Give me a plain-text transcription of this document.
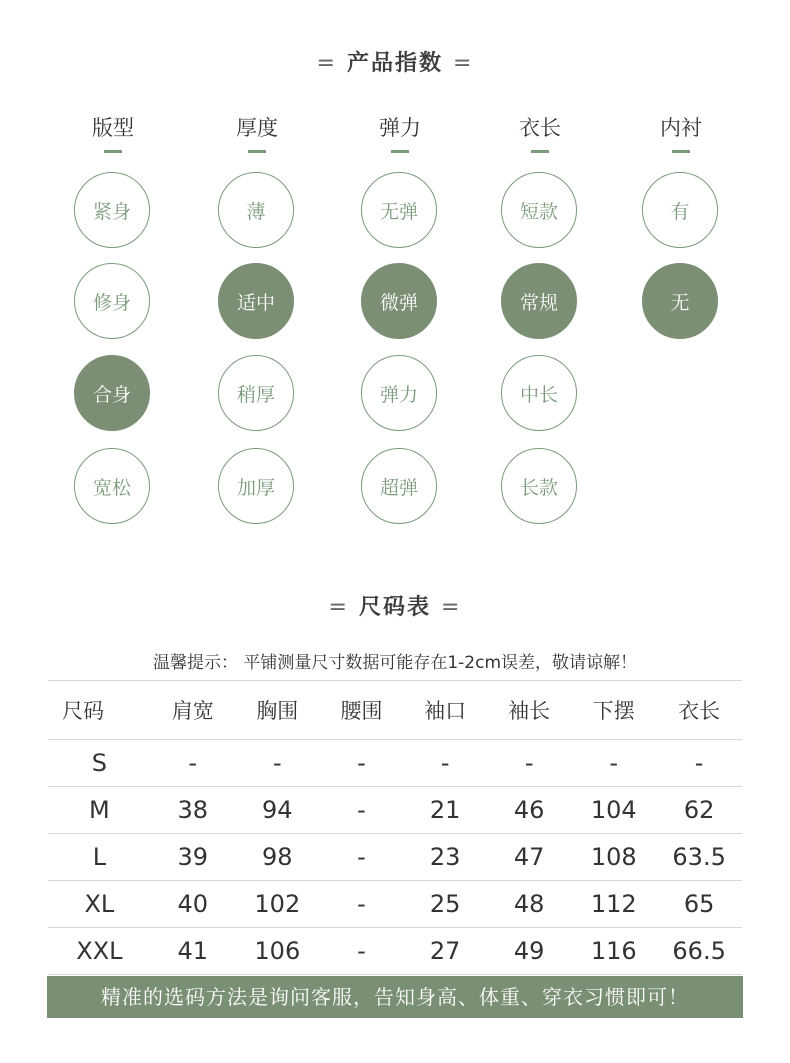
= 产品指数 =
版型
紧身
修身
合身
宽松
厚度
薄
适中
稍厚
加厚
弹力
无弹
微弹
弹力
超弹
衣长
短款
常规
中长
长款
内衬
有
无
= 尺码表 =
温馨提示： 平铺测量尺寸数据可能存在1-2cm误差，敬请谅解！
尺码	肩宽	胸围	腰围	袖口	袖长	下摆	衣长
S	-	-	-	-	-	-	-
M	38	94	-	21	46	104	62
L	39	98	-	23	47	108	63.5
XL	40	102	-	25	48	112	65
XXL	41	106	-	27	49	116	66.5
精准的选码方法是询问客服，告知身高、体重、穿衣习惯即可！
